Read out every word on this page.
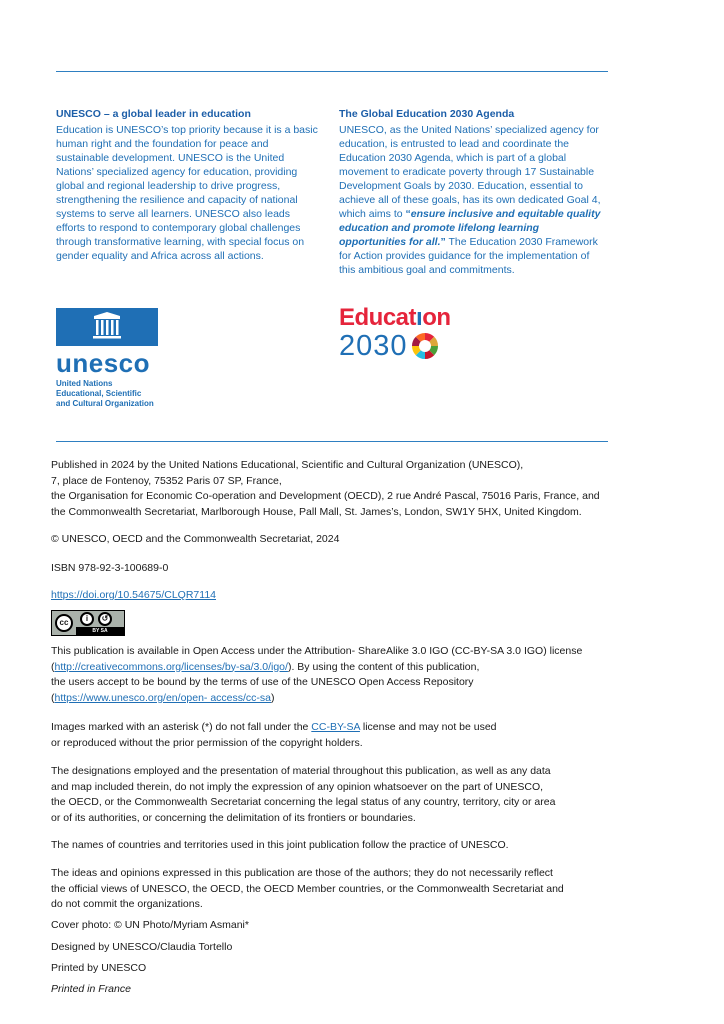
UNESCO – a global leader in education

Education is UNESCO’s top priority because it is a basic human right and the foundation for peace and sustainable development. UNESCO is the United Nations’ specialized agency for education, providing global and regional leadership to drive progress, strengthening the resilience and capacity of national systems to serve all learners. UNESCO also leads efforts to respond to contemporary global challenges through transformative learning, with special focus on gender equality and Africa across all actions.

The Global Education 2030 Agenda

UNESCO, as the United Nations’ specialized agency for education, is entrusted to lead and coordinate the Education 2030 Agenda, which is part of a global movement to eradicate poverty through 17 Sustainable Development Goals by 2030. Education, essential to achieve all of these goals, has its own dedicated Goal 4, which aims to “ensure inclusive and equitable quality education and promote lifelong learning opportunities for all.” The Education 2030 Framework for Action provides guidance for the implementation of this ambitious goal and commitments.

unesco
United Nations
Educational, Scientific
and Cultural Organization
Educatıon
2030

Published in 2024 by the United Nations Educational, Scientific and Cultural Organization (UNESCO),

7, place de Fontenoy, 75352 Paris 07 SP, France,

the Organisation for Economic Co-operation and Development (OECD), 2 rue André Pascal, 75016 Paris, France, and

the Commonwealth Secretariat, Marlborough House, Pall Mall, St. James’s, London, SW1Y 5HX, United Kingdom.

© UNESCO, OECD and the Commonwealth Secretariat, 2024
ISBN 978-92-3-100689-0
https://doi.org/10.54675/CLQR7114
cc	i	↺
BY SA

This publication is available in Open Access under the Attribution- ShareAlike 3.0 IGO (CC-BY-SA 3.0 IGO) license

(http://creativecommons.org/licenses/by-sa/3.0/igo/). By using the content of this publication,

the users accept to be bound by the terms of use of the UNESCO Open Access Repository

(https://www.unesco.org/en/open- access/cc-sa)

Images marked with an asterisk (*) do not fall under the CC-BY-SA license and may not be used

or reproduced without the prior permission of the copyright holders.

The designations employed and the presentation of material throughout this publication, as well as any data

and map included therein, do not imply the expression of any opinion whatsoever on the part of UNESCO,

the OECD, or the Commonwealth Secretariat concerning the legal status of any country, territory, city or area

or of its authorities, or concerning the delimitation of its frontiers or boundaries.

The names of countries and territories used in this joint publication follow the practice of UNESCO.

The ideas and opinions expressed in this publication are those of the authors; they do not necessarily reflect

the official views of UNESCO, the OECD, the OECD Member countries, or the Commonwealth Secretariat and

do not commit the organizations.

Cover photo: © UN Photo/Myriam Asmani*
Designed by UNESCO/Claudia Tortello
Printed by UNESCO
Printed in France
